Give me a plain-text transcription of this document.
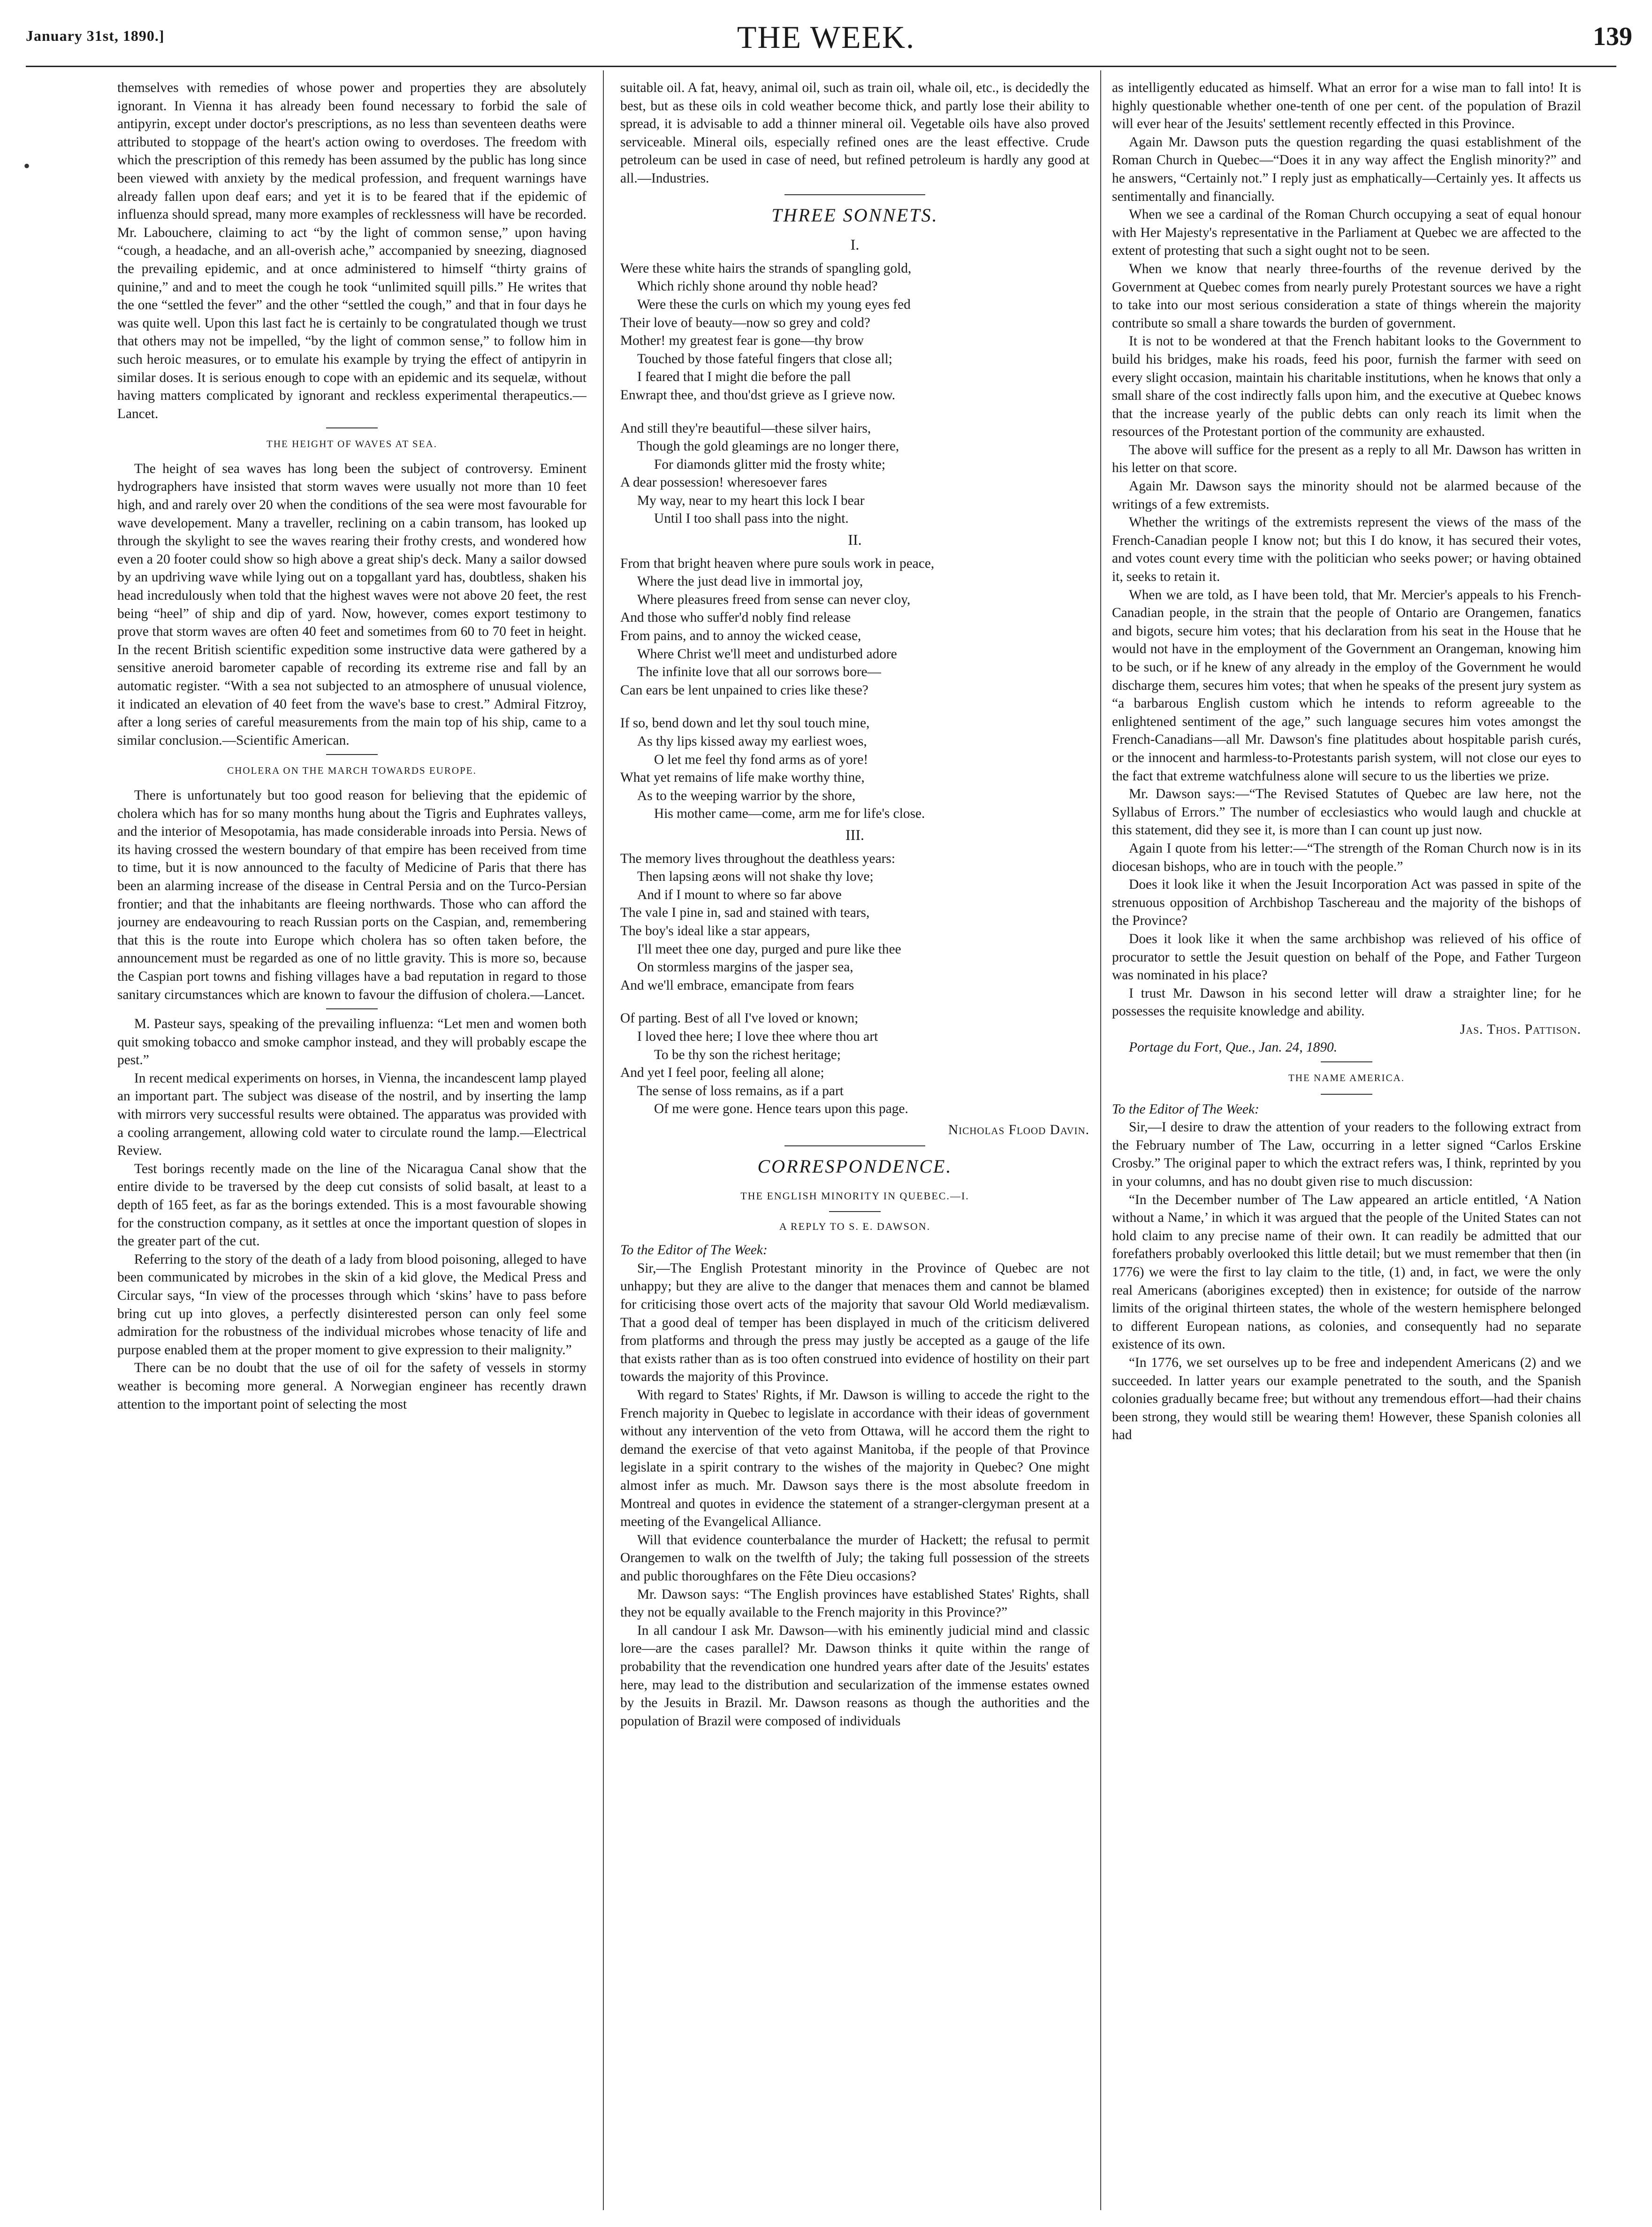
January 31st, 1890.]	THE WEEK.	139
•

themselves with remedies of whose power and properties they are absolutely ignorant. In Vienna it has already been found necessary to forbid the sale of antipyrin, except under doctor's prescriptions, as no less than seventeen deaths were attributed to stoppage of the heart's action owing to overdoses. The freedom with which the prescription of this remedy has been assumed by the public has long since been viewed with anxiety by the medical profession, and frequent warnings have already fallen upon deaf ears; and yet it is to be feared that if the epidemic of influenza should spread, many more examples of recklessness will have be recorded. Mr. Labouchere, claiming to act “by the light of common sense,” upon having “cough, a headache, and an all-overish ache,” accompanied by sneezing, diagnosed the prevailing epidemic, and at once administered to himself “thirty grains of quinine,” and and to meet the cough he took “unlimited squill pills.” He writes that the one “settled the fever” and the other “settled the cough,” and that in four days he was quite well. Upon this last fact he is certainly to be congratulated though we trust that others may not be impelled, “by the light of common sense,” to follow him in such heroic measures, or to emulate his example by trying the effect of antipyrin in similar doses. It is serious enough to cope with an epidemic and its sequelæ, without having matters complicated by ignorant and reckless experimental therapeutics.—Lancet.

THE HEIGHT OF WAVES AT SEA.

The height of sea waves has long been the subject of controversy. Eminent hydrographers have insisted that storm waves were usually not more than 10 feet high, and and rarely over 20 when the conditions of the sea were most favourable for wave developement. Many a traveller, reclining on a cabin transom, has looked up through the skylight to see the waves rearing their frothy crests, and wondered how even a 20 footer could show so high above a great ship's deck. Many a sailor dowsed by an updriving wave while lying out on a topgallant yard has, doubtless, shaken his head incredulously when told that the highest waves were not above 20 feet, the rest being “heel” of ship and dip of yard. Now, however, comes export testimony to prove that storm waves are often 40 feet and sometimes from 60 to 70 feet in height. In the recent British scientific expedition some instructive data were gathered by a sensitive aneroid barometer capable of recording its extreme rise and fall by an automatic register. “With a sea not subjected to an atmosphere of unusual violence, it indicated an elevation of 40 feet from the wave's base to crest.” Admiral Fitzroy, after a long series of careful measurements from the main top of his ship, came to a similar conclusion.—Scientific American.

CHOLERA ON THE MARCH TOWARDS EUROPE.

There is unfortunately but too good reason for believing that the epidemic of cholera which has for so many months hung about the Tigris and Euphrates valleys, and the interior of Mesopotamia, has made considerable inroads into Persia. News of its having crossed the western boundary of that empire has been received from time to time, but it is now announced to the faculty of Medicine of Paris that there has been an alarming increase of the disease in Central Persia and on the Turco-Persian frontier; and that the inhabitants are fleeing northwards. Those who can afford the journey are endeavouring to reach Russian ports on the Caspian, and, remembering that this is the route into Europe which cholera has so often taken before, the announcement must be regarded as one of no little gravity. This is more so, because the Caspian port towns and fishing villages have a bad reputation in regard to those sanitary circumstances which are known to favour the diffusion of cholera.—Lancet.

M. Pasteur says, speaking of the prevailing influenza: “Let men and women both quit smoking tobacco and smoke camphor instead, and they will probably escape the pest.”

In recent medical experiments on horses, in Vienna, the incandescent lamp played an important part. The subject was disease of the nostril, and by inserting the lamp with mirrors very successful results were obtained. The apparatus was provided with a cooling arrangement, allowing cold water to circulate round the lamp.—Electrical Review.

Test borings recently made on the line of the Nicaragua Canal show that the entire divide to be traversed by the deep cut consists of solid basalt, at least to a depth of 165 feet, as far as the borings extended. This is a most favourable showing for the construction company, as it settles at once the important question of slopes in the greater part of the cut.

Referring to the story of the death of a lady from blood poisoning, alleged to have been communicated by microbes in the skin of a kid glove, the Medical Press and Circular says, “In view of the processes through which ‘skins’ have to pass before bring cut up into gloves, a perfectly disinterested person can only feel some admiration for the robustness of the individual microbes whose tenacity of life and purpose enabled them at the proper moment to give expression to their malignity.”

There can be no doubt that the use of oil for the safety of vessels in stormy weather is becoming more general. A Norwegian engineer has recently drawn attention to the important point of selecting the most

suitable oil. A fat, heavy, animal oil, such as train oil, whale oil, etc., is decidedly the best, but as these oils in cold weather become thick, and partly lose their ability to spread, it is advisable to add a thinner mineral oil. Vegetable oils have also proved serviceable. Mineral oils, especially refined ones are the least effective. Crude petroleum can be used in case of need, but refined petroleum is hardly any good at all.—Industries.

THREE SONNETS.
I.
Were these white hairs the strands of spangling gold,
Which richly shone around thy noble head?
Were these the curls on which my young eyes fed
Their love of beauty—now so grey and cold?
Mother! my greatest fear is gone—thy brow
Touched by those fateful fingers that close all;
I feared that I might die before the pall
Enwrapt thee, and thou'dst grieve as I grieve now.
And still they're beautiful—these silver hairs,
Though the gold gleamings are no longer there,
For diamonds glitter mid the frosty white;
A dear possession! wheresoever fares
My way, near to my heart this lock I bear
Until I too shall pass into the night.
II.
From that bright heaven where pure souls work in peace,
Where the just dead live in immortal joy,
Where pleasures freed from sense can never cloy,
And those who suffer'd nobly find release
From pains, and to annoy the wicked cease,
Where Christ we'll meet and undisturbed adore
The infinite love that all our sorrows bore—
Can ears be lent unpained to cries like these?
If so, bend down and let thy soul touch mine,
As thy lips kissed away my earliest woes,
O let me feel thy fond arms as of yore!
What yet remains of life make worthy thine,
As to the weeping warrior by the shore,
His mother came—come, arm me for life's close.
III.
The memory lives throughout the deathless years:
Then lapsing æons will not shake thy love;
And if I mount to where so far above
The vale I pine in, sad and stained with tears,
The boy's ideal like a star appears,
I'll meet thee one day, purged and pure like thee
On stormless margins of the jasper sea,
And we'll embrace, emancipate from fears
Of parting. Best of all I've loved or known;
I loved thee here; I love thee where thou art
To be thy son the richest heritage;
And yet I feel poor, feeling all alone;
The sense of loss remains, as if a part
Of me were gone. Hence tears upon this page.
Nicholas Flood Davin.
CORRESPONDENCE.
THE ENGLISH MINORITY IN QUEBEC.—I.
A REPLY TO S. E. DAWSON.

To the Editor of The Week:

Sir,—The English Protestant minority in the Province of Quebec are not unhappy; but they are alive to the danger that menaces them and cannot be blamed for criticising those overt acts of the majority that savour Old World mediævalism. That a good deal of temper has been displayed in much of the criticism delivered from platforms and through the press may justly be accepted as a gauge of the life that exists rather than as is too often construed into evidence of hostility on their part towards the majority of this Province.

With regard to States' Rights, if Mr. Dawson is willing to accede the right to the French majority in Quebec to legislate in accordance with their ideas of government without any intervention of the veto from Ottawa, will he accord them the right to demand the exercise of that veto against Manitoba, if the people of that Province legislate in a spirit contrary to the wishes of the majority in Quebec? One might almost infer as much. Mr. Dawson says there is the most absolute freedom in Montreal and quotes in evidence the statement of a stranger-clergyman present at a meeting of the Evangelical Alliance.

Will that evidence counterbalance the murder of Hackett; the refusal to permit Orangemen to walk on the twelfth of July; the taking full possession of the streets and public thoroughfares on the Fête Dieu occasions?

Mr. Dawson says: “The English provinces have established States' Rights, shall they not be equally available to the French majority in this Province?”

In all candour I ask Mr. Dawson—with his eminently judicial mind and classic lore—are the cases parallel? Mr. Dawson thinks it quite within the range of probability that the revendication one hundred years after date of the Jesuits' estates here, may lead to the distribution and secularization of the immense estates owned by the Jesuits in Brazil. Mr. Dawson reasons as though the authorities and the population of Brazil were composed of individuals

as intelligently educated as himself. What an error for a wise man to fall into! It is highly questionable whether one-tenth of one per cent. of the population of Brazil will ever hear of the Jesuits' settlement recently effected in this Province.

Again Mr. Dawson puts the question regarding the quasi establishment of the Roman Church in Quebec—“Does it in any way affect the English minority?” and he answers, “Certainly not.” I reply just as emphatically—Certainly yes. It affects us sentimentally and financially.

When we see a cardinal of the Roman Church occupying a seat of equal honour with Her Majesty's representative in the Parliament at Quebec we are affected to the extent of protesting that such a sight ought not to be seen.

When we know that nearly three-fourths of the revenue derived by the Government at Quebec comes from nearly purely Protestant sources we have a right to take into our most serious consideration a state of things wherein the majority contribute so small a share towards the burden of government.

It is not to be wondered at that the French habitant looks to the Government to build his bridges, make his roads, feed his poor, furnish the farmer with seed on every slight occasion, maintain his charitable institutions, when he knows that only a small share of the cost indirectly falls upon him, and the executive at Quebec knows that the increase yearly of the public debts can only reach its limit when the resources of the Protestant portion of the community are exhausted.

The above will suffice for the present as a reply to all Mr. Dawson has written in his letter on that score.

Again Mr. Dawson says the minority should not be alarmed because of the writings of a few extremists.

Whether the writings of the extremists represent the views of the mass of the French-Canadian people I know not; but this I do know, it has secured their votes, and votes count every time with the politician who seeks power; or having obtained it, seeks to retain it.

When we are told, as I have been told, that Mr. Mercier's appeals to his French-Canadian people, in the strain that the people of Ontario are Orangemen, fanatics and bigots, secure him votes; that his declaration from his seat in the House that he would not have in the employment of the Government an Orangeman, knowing him to be such, or if he knew of any already in the employ of the Government he would discharge them, secures him votes; that when he speaks of the present jury system as “a barbarous English custom which he intends to reform agreeable to the enlightened sentiment of the age,” such language secures him votes amongst the French-Canadians—all Mr. Dawson's fine platitudes about hospitable parish curés, or the innocent and harmless-to-Protestants parish system, will not close our eyes to the fact that extreme watchfulness alone will secure to us the liberties we prize.

Mr. Dawson says:—“The Revised Statutes of Quebec are law here, not the Syllabus of Errors.” The number of ecclesiastics who would laugh and chuckle at this statement, did they see it, is more than I can count up just now.

Again I quote from his letter:—“The strength of the Roman Church now is in its diocesan bishops, who are in touch with the people.”

Does it look like it when the Jesuit Incorporation Act was passed in spite of the strenuous opposition of Archbishop Taschereau and the majority of the bishops of the Province?

Does it look like it when the same archbishop was relieved of his office of procurator to settle the Jesuit question on behalf of the Pope, and Father Turgeon was nominated in his place?

I trust Mr. Dawson in his second letter will draw a straighter line; for he possesses the requisite knowledge and ability.

Jas. Thos. Pattison.

Portage du Fort, Que., Jan. 24, 1890.

THE NAME AMERICA.

To the Editor of The Week:

Sir,—I desire to draw the attention of your readers to the following extract from the February number of The Law, occurring in a letter signed “Carlos Erskine Crosby.” The original paper to which the extract refers was, I think, reprinted by you in your columns, and has no doubt given rise to much discussion:

“In the December number of The Law appeared an article entitled, ‘A Nation without a Name,’ in which it was argued that the people of the United States can not hold claim to any precise name of their own. It can readily be admitted that our forefathers probably overlooked this little detail; but we must remember that then (in 1776) we were the first to lay claim to the title, (1) and, in fact, we were the only real Americans (aborigines excepted) then in existence; for outside of the narrow limits of the original thirteen states, the whole of the western hemisphere belonged to different European nations, as colonies, and consequently had no separate existence of its own.

“In 1776, we set ourselves up to be free and independent Americans (2) and we succeeded. In latter years our example penetrated to the south, and the Spanish colonies gradually became free; but without any tremendous effort—had their chains been strong, they would still be wearing them! However, these Spanish colonies all had
